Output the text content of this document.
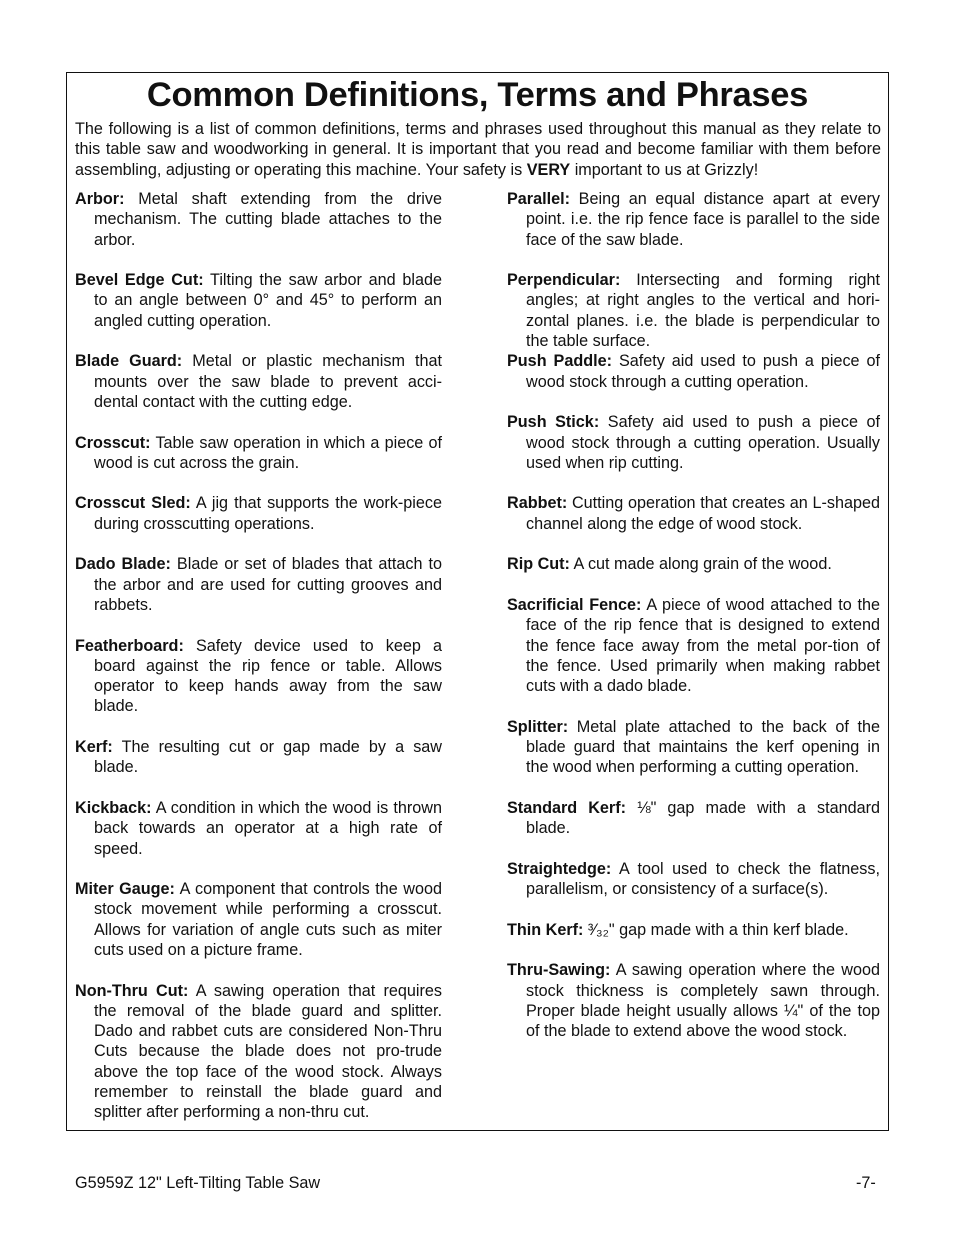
Common Definitions, Terms and Phrases

The following is a list of common definitions, terms and phrases used throughout this manual as they relate to this table saw and woodworking in general. It is important that you read and become familiar with them before assembling, adjusting or operating this machine. Your safety is VERY important to us at Grizzly!

Arbor: Metal shaft extending from the drive mechanism. The cutting blade attaches to the arbor.

Bevel Edge Cut: Tilting the saw arbor and blade to an angle between 0° and 45° to perform an angled cutting operation.

Blade Guard: Metal or plastic mechanism that mounts over the saw blade to prevent acci-dental contact with the cutting edge.

Crosscut: Table saw operation in which a piece of wood is cut across the grain.

Crosscut Sled: A jig that supports the work-piece during crosscutting operations.

Dado Blade: Blade or set of blades that attach to the arbor and are used for cutting grooves and rabbets.

Featherboard: Safety device used to keep a board against the rip fence or table. Allows operator to keep hands away from the saw blade.

Kerf: The resulting cut or gap made by a saw blade.

Kickback: A condition in which the wood is thrown back towards an operator at a high rate of speed.

Miter Gauge: A component that controls the wood stock movement while performing a crosscut. Allows for variation of angle cuts such as miter cuts used on a picture frame.

Non-Thru Cut: A sawing operation that requires the removal of the blade guard and splitter. Dado and rabbet cuts are considered Non-Thru Cuts because the blade does not pro-trude above the top face of the wood stock. Always remember to reinstall the blade guard and splitter after performing a non-thru cut.

Parallel: Being an equal distance apart at every point. i.e. the rip fence face is parallel to the side face of the saw blade.

Perpendicular: Intersecting and forming right angles; at right angles to the vertical and hori-zontal planes. i.e. the blade is perpendicular to the table surface.

Push Paddle: Safety aid used to push a piece of wood stock through a cutting operation.

Push Stick: Safety aid used to push a piece of wood stock through a cutting operation. Usually used when rip cutting.

Rabbet: Cutting operation that creates an L-shaped channel along the edge of wood stock.

Rip Cut: A cut made along grain of the wood.

Sacrificial Fence: A piece of wood attached to the face of the rip fence that is designed to extend the fence face away from the metal por-tion of the fence. Used primarily when making rabbet cuts with a dado blade.

Splitter: Metal plate attached to the back of the blade guard that maintains the kerf opening in the wood when performing a cutting operation.

Standard Kerf: ⅛" gap made with a standard blade.

Straightedge: A tool used to check the flatness, parallelism, or consistency of a surface(s).

Thin Kerf: ³⁄₃₂" gap made with a thin kerf blade.

Thru-Sawing: A sawing operation where the wood stock thickness is completely sawn through. Proper blade height usually allows ¼" of the top of the blade to extend above the wood stock.

G5959Z 12" Left-Tilting Table Saw	-7-
